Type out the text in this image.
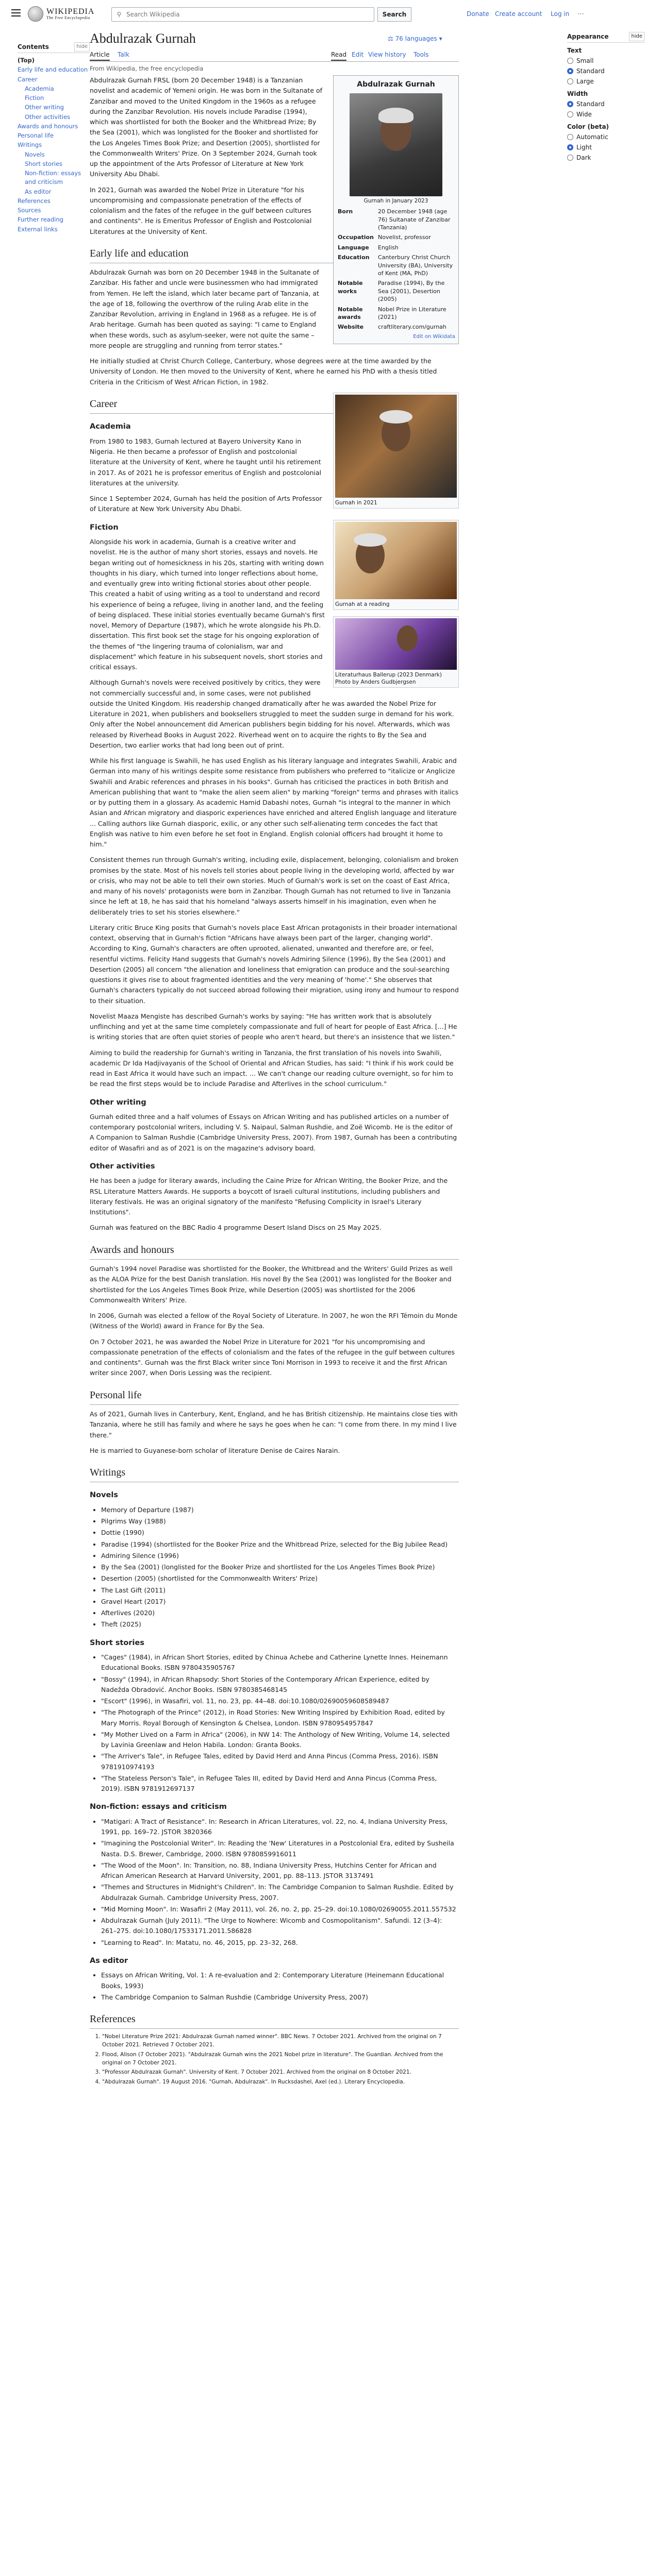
WIKIPEDIA
The Free Encyclopedia	⚲
Search Wikipedia	Search	Donate Create account Log in ⋯
Contents	hide
(Top)
Early life and education
Career
Academia
Fiction
Other writing
Other activities
Awards and honours
Personal life
Writings
Novels
Short stories
Non-fiction: essays and criticism
As editor
References
Sources
Further reading
External links
Abdulrazak Gurnah	⚖ 76 languages ▾
Article Talk	Read Edit View history Tools
From Wikipedia, the free encyclopedia
Abdulrazak Gurnah
Gurnah in January 2023
Born	20 December 1948 (age 76) Sultanate of Zanzibar (Tanzania)
Occupation	Novelist, professor
Language	English
Education	Canterbury Christ Church University (BA), University of Kent (MA, PhD)
Notable works	Paradise (1994), By the Sea (2001), Desertion (2005)
Notable awards	Nobel Prize in Literature (2021)
Website	craftliterary.com/gurnah
Edit on Wikidata

Abdulrazak Gurnah FRSL (born 20 December 1948) is a Tanzanian novelist and academic of Yemeni origin. He was born in the Sultanate of Zanzibar and moved to the United Kingdom in the 1960s as a refugee during the Zanzibar Revolution. His novels include Paradise (1994), which was shortlisted for both the Booker and the Whitbread Prize; By the Sea (2001), which was longlisted for the Booker and shortlisted for the Los Angeles Times Book Prize; and Desertion (2005), shortlisted for the Commonwealth Writers' Prize. On 3 September 2024, Gurnah took up the appointment of the Arts Professor of Literature at New York University Abu Dhabi.

In 2021, Gurnah was awarded the Nobel Prize in Literature "for his uncompromising and compassionate penetration of the effects of colonialism and the fates of the refugee in the gulf between cultures and continents". He is Emeritus Professor of English and Postcolonial Literatures at the University of Kent.

Early life and education

Abdulrazak Gurnah was born on 20 December 1948 in the Sultanate of Zanzibar. His father and uncle were businessmen who had immigrated from Yemen. He left the island, which later became part of Tanzania, at the age of 18, following the overthrow of the ruling Arab elite in the Zanzibar Revolution, arriving in England in 1968 as a refugee. He is of Arab heritage. Gurnah has been quoted as saying: "I came to England when these words, such as asylum-seeker, were not quite the same – more people are struggling and running from terror states."

He initially studied at Christ Church College, Canterbury, whose degrees were at the time awarded by the University of London. He then moved to the University of Kent, where he earned his PhD with a thesis titled Criteria in the Criticism of West African Fiction, in 1982.

Gurnah in 2021
Career
Academia

From 1980 to 1983, Gurnah lectured at Bayero University Kano in Nigeria. He then became a professor of English and postcolonial literature at the University of Kent, where he taught until his retirement in 2017. As of 2021 he is professor emeritus of English and postcolonial literatures at the university.

Since 1 September 2024, Gurnah has held the position of Arts Professor of Literature at New York University Abu Dhabi.

Gurnah at a reading
Literaturhaus Ballerup (2023 Denmark) Photo by Anders Gudbjergsen
Fiction

Alongside his work in academia, Gurnah is a creative writer and novelist. He is the author of many short stories, essays and novels. He began writing out of homesickness in his 20s, starting with writing down thoughts in his diary, which turned into longer reflections about home, and eventually grew into writing fictional stories about other people. This created a habit of using writing as a tool to understand and record his experience of being a refugee, living in another land, and the feeling of being displaced. These initial stories eventually became Gurnah's first novel, Memory of Departure (1987), which he wrote alongside his Ph.D. dissertation. This first book set the stage for his ongoing exploration of the themes of "the lingering trauma of colonialism, war and displacement" which feature in his subsequent novels, short stories and critical essays.

Although Gurnah's novels were received positively by critics, they were not commercially successful and, in some cases, were not published outside the United Kingdom. His readership changed dramatically after he was awarded the Nobel Prize for Literature in 2021, when publishers and booksellers struggled to meet the sudden surge in demand for his work. Only after the Nobel announcement did American publishers begin bidding for his novel. Afterwards, which was released by Riverhead Books in August 2022. Riverhead went on to acquire the rights to By the Sea and Desertion, two earlier works that had long been out of print.

While his first language is Swahili, he has used English as his literary language and integrates Swahili, Arabic and German into many of his writings despite some resistance from publishers who preferred to "italicize or Anglicize Swahili and Arabic references and phrases in his books". Gurnah has criticised the practices in both British and American publishing that want to "make the alien seem alien" by marking "foreign" terms and phrases with italics or by putting them in a glossary. As academic Hamid Dabashi notes, Gurnah "is integral to the manner in which Asian and African migratory and diasporic experiences have enriched and altered English language and literature ... Calling authors like Gurnah diasporic, exilic, or any other such self-alienating term concedes the fact that English was native to him even before he set foot in England. English colonial officers had brought it home to him."

Consistent themes run through Gurnah's writing, including exile, displacement, belonging, colonialism and broken promises by the state. Most of his novels tell stories about people living in the developing world, affected by war or crisis, who may not be able to tell their own stories. Much of Gurnah's work is set on the coast of East Africa, and many of his novels' protagonists were born in Zanzibar. Though Gurnah has not returned to live in Tanzania since he left at 18, he has said that his homeland "always asserts himself in his imagination, even when he deliberately tries to set his stories elsewhere."

Literary critic Bruce King posits that Gurnah's novels place East African protagonists in their broader international context, observing that in Gurnah's fiction "Africans have always been part of the larger, changing world". According to King, Gurnah's characters are often uprooted, alienated, unwanted and therefore are, or feel, resentful victims. Felicity Hand suggests that Gurnah's novels Admiring Silence (1996), By the Sea (2001) and Desertion (2005) all concern "the alienation and loneliness that emigration can produce and the soul-searching questions it gives rise to about fragmented identities and the very meaning of 'home'." She observes that Gurnah's characters typically do not succeed abroad following their migration, using irony and humour to respond to their situation.

Novelist Maaza Mengiste has described Gurnah's works by saying: "He has written work that is absolutely unflinching and yet at the same time completely compassionate and full of heart for people of East Africa. [...] He is writing stories that are often quiet stories of people who aren't heard, but there's an insistence that we listen."

Aiming to build the readership for Gurnah's writing in Tanzania, the first translation of his novels into Swahili, academic Dr Ida Hadjivayanis of the School of Oriental and African Studies, has said: "I think if his work could be read in East Africa it would have such an impact. ... We can't change our reading culture overnight, so for him to be read the first steps would be to include Paradise and Afterlives in the school curriculum."

Other writing

Gurnah edited three and a half volumes of Essays on African Writing and has published articles on a number of contemporary postcolonial writers, including V. S. Naipaul, Salman Rushdie, and Zoë Wicomb. He is the editor of A Companion to Salman Rushdie (Cambridge University Press, 2007). From 1987, Gurnah has been a contributing editor of Wasafiri and as of 2021 is on the magazine's advisory board.

Other activities

He has been a judge for literary awards, including the Caine Prize for African Writing, the Booker Prize, and the RSL Literature Matters Awards. He supports a boycott of Israeli cultural institutions, including publishers and literary festivals. He was an original signatory of the manifesto "Refusing Complicity in Israel's Literary Institutions".

Gurnah was featured on the BBC Radio 4 programme Desert Island Discs on 25 May 2025.

Awards and honours

Gurnah's 1994 novel Paradise was shortlisted for the Booker, the Whitbread and the Writers' Guild Prizes as well as the ALOA Prize for the best Danish translation. His novel By the Sea (2001) was longlisted for the Booker and shortlisted for the Los Angeles Times Book Prize, while Desertion (2005) was shortlisted for the 2006 Commonwealth Writers' Prize.

In 2006, Gurnah was elected a fellow of the Royal Society of Literature. In 2007, he won the RFI Témoin du Monde (Witness of the World) award in France for By the Sea.

On 7 October 2021, he was awarded the Nobel Prize in Literature for 2021 "for his uncompromising and compassionate penetration of the effects of colonialism and the fates of the refugee in the gulf between cultures and continents". Gurnah was the first Black writer since Toni Morrison in 1993 to receive it and the first African writer since 2007, when Doris Lessing was the recipient.

Personal life

As of 2021, Gurnah lives in Canterbury, Kent, England, and he has British citizenship. He maintains close ties with Tanzania, where he still has family and where he says he goes when he can: "I come from there. In my mind I live there."

He is married to Guyanese-born scholar of literature Denise de Caires Narain.

Writings
Novels
• Memory of Departure (1987)
• Pilgrims Way (1988)
• Dottie (1990)
• Paradise (1994) (shortlisted for the Booker Prize and the Whitbread Prize, selected for the Big Jubilee Read)
• Admiring Silence (1996)
• By the Sea (2001) (longlisted for the Booker Prize and shortlisted for the Los Angeles Times Book Prize)
• Desertion (2005) (shortlisted for the Commonwealth Writers' Prize)
• The Last Gift (2011)
• Gravel Heart (2017)
• Afterlives (2020)
• Theft (2025)
Short stories
• "Cages" (1984), in African Short Stories, edited by Chinua Achebe and Catherine Lynette Innes. Heinemann Educational Books. ISBN 9780435905767
• "Bossy" (1994), in African Rhapsody: Short Stories of the Contemporary African Experience, edited by Nadežda Obradović. Anchor Books. ISBN 9780385468145
• "Escort" (1996), in Wasafiri, vol. 11, no. 23, pp. 44–48. doi:10.1080/02690059608589487
• "The Photograph of the Prince" (2012), in Road Stories: New Writing Inspired by Exhibition Road, edited by Mary Morris. Royal Borough of Kensington & Chelsea, London. ISBN 9780954957847
• "My Mother Lived on a Farm in Africa" (2006), in NW 14: The Anthology of New Writing, Volume 14, selected by Lavinia Greenlaw and Helon Habila. London: Granta Books.
• "The Arriver's Tale", in Refugee Tales, edited by David Herd and Anna Pincus (Comma Press, 2016). ISBN 9781910974193
• "The Stateless Person's Tale", in Refugee Tales III, edited by David Herd and Anna Pincus (Comma Press, 2019). ISBN 9781912697137
Non-fiction: essays and criticism
• "Matigari: A Tract of Resistance". In: Research in African Literatures, vol. 22, no. 4, Indiana University Press, 1991, pp. 169–72. JSTOR 3820366
• "Imagining the Postcolonial Writer". In: Reading the 'New' Literatures in a Postcolonial Era, edited by Susheila Nasta. D.S. Brewer, Cambridge, 2000. ISBN 9780859916011
• "The Wood of the Moon". In: Transition, no. 88, Indiana University Press, Hutchins Center for African and African American Research at Harvard University, 2001, pp. 88–113. JSTOR 3137491
• "Themes and Structures in Midnight's Children". In: The Cambridge Companion to Salman Rushdie. Edited by Abdulrazak Gurnah. Cambridge University Press, 2007.
• "Mid Morning Moon". In: Wasafiri 2 (May 2011), vol. 26, no. 2, pp. 25–29. doi:10.1080/02690055.2011.557532
• Abdulrazak Gurnah (July 2011). "The Urge to Nowhere: Wicomb and Cosmopolitanism". Safundi. 12 (3–4): 261–275. doi:10.1080/17533171.2011.586828
• "Learning to Read". In: Matatu, no. 46, 2015, pp. 23–32, 268.
As editor
• Essays on African Writing, Vol. 1: A re-evaluation and 2: Contemporary Literature (Heinemann Educational Books, 1993)
• The Cambridge Companion to Salman Rushdie (Cambridge University Press, 2007)
References
1. "Nobel Literature Prize 2021: Abdulrazak Gurnah named winner". BBC News. 7 October 2021. Archived from the original on 7 October 2021. Retrieved 7 October 2021.
2. Flood, Alison (7 October 2021). "Abdulrazak Gurnah wins the 2021 Nobel prize in literature". The Guardian. Archived from the original on 7 October 2021.
3. "Professor Abdulrazak Gurnah". University of Kent. 7 October 2021. Archived from the original on 8 October 2021.
4. "Abdulrazak Gurnah". 19 August 2016. "Gurnah, Abdulrazak". In Rucksdashel, Axel (ed.). Literary Encyclopedia.
Appearance	hide
Text
Small
Standard
Large
Width
Standard
Wide
Color (beta)
Automatic
Light
Dark
